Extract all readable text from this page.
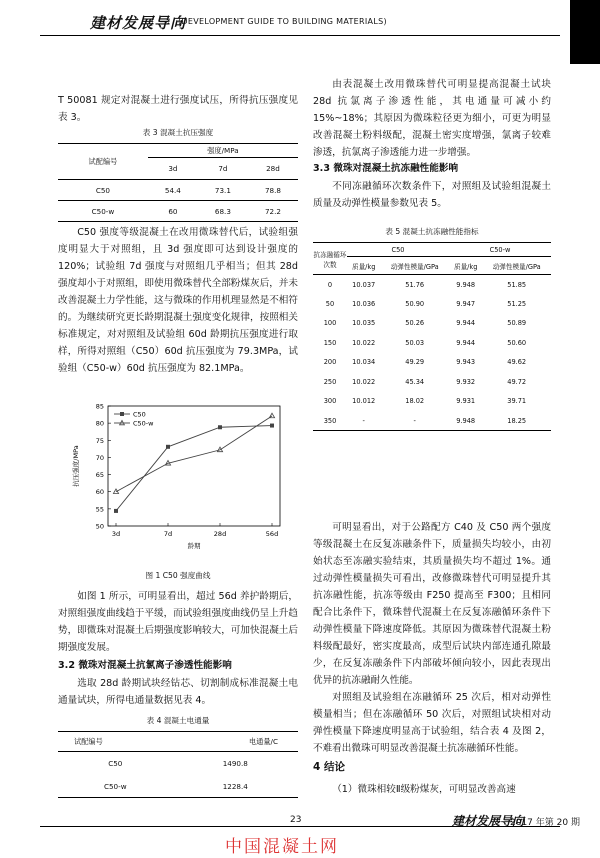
建材发展导向
(DEVELOPMENT GUIDE TO BUILDING MATERIALS)

T 50081 规定对混凝土进行强度试压，所得抗压强度见表 3。

表 3 混凝土抗压强度
试配编号	强度/MPa		
	3d	7d	28d
C50	54.4	73.1	78.8
C50-w	60	68.3	72.2

C50 强度等级混凝土在改用微珠替代后，试验组强度明显大于对照组，且 3d 强度即可达到设计强度的 120%；试验组 7d 强度与对照组几乎相当；但其 28d 强度却小于对照组，即使用微珠替代全部粉煤灰后，并未改善混凝土力学性能，这与微珠的作用机理显然是不相符的。为继续研究更长龄期混凝土强度变化规律，按照相关标准规定，对对照组及试验组 60d 龄期抗压强度进行取样，所得对照组（C50）60d 抗压强度为 79.3MPa，试验组（C50-w）60d 抗压强度为 82.1MPa。

50
55
60
65
70
75
80
85
3d	7d	28d	56d
龄期
抗压强度/MPa
C50
C50-w
图 1 C50 强度曲线

如图 1 所示，可明显看出，超过 56d 养护龄期后，对照组强度曲线趋于平缓，而试验组强度曲线仍呈上升趋势，即微珠对混凝土后期强度影响较大，可加快混凝土后期强度发展。

3.2 微珠对混凝土抗氯离子渗透性能影响

选取 28d 龄期试块经钻芯、切割制成标准混凝土电通量试块，所得电通量数据见表 4。

表 4 混凝土电通量
试配编号	电通量/C
C50	1490.8
C50-w	1228.4

由表混凝土改用微珠替代可明显提高混凝土试块 28d 抗氯离子渗透性能，其电通量可减小约 15%~18%；其原因为微珠粒径更为细小，可更为明显改善混凝土粉料级配，混凝土密实度增强，氯离子较难渗透，抗氯离子渗透能力进一步增强。

3.3 微珠对混凝土抗冻融性能影响

不同冻融循环次数条件下，对照组及试验组混凝土质量及动弹性模量参数见表 5。

表 5 混凝土抗冻融性能指标
抗冻融循环次数	C50		C50-w	
	质量/kg	动弹性模量/GPa	质量/kg	动弹性模量/GPa
0	10.037	51.76	9.948	51.85
50	10.036	50.90	9.947	51.25
100	10.035	50.26	9.944	50.89
150	10.022	50.03	9.944	50.60
200	10.034	49.29	9.943	49.62
250	10.022	45.34	9.932	49.72
300	10.012	18.02	9.931	39.71
350	-	-	9.948	18.25

可明显看出，对于公路配方 C40 及 C50 两个强度等级混凝土在反复冻融条件下，质量损失均较小，由初始状态至冻融实验结束，其质量损失均不超过 1%。通过动弹性模量损失可看出，改修微珠替代可明显提升其抗冻融性能，抗冻等级由 F250 提高至 F300；且相同配合比条件下，微珠替代混凝土在反复冻融循环条件下动弹性模量下降速度降低。其原因为微珠替代混凝土粉料级配最好，密实度最高，成型后试块内部连通孔隙最少，在反复冻融条件下内部破坏倾向较小，因此表现出优异的抗冻融耐久性能。

对照组及试验组在冻融循环 25 次后，相对动弹性模量相当；但在冻融循环 50 次后，对照组试块相对动弹性模量下降速度明显高于试验组，结合表 4 及图 2，不难看出微珠可明显改善混凝土抗冻融循环性能。

4 结论

（1）微珠相较Ⅱ级粉煤灰，可明显改善高速

23	建材发展导向
2017 年第 20 期
中国混凝土网
